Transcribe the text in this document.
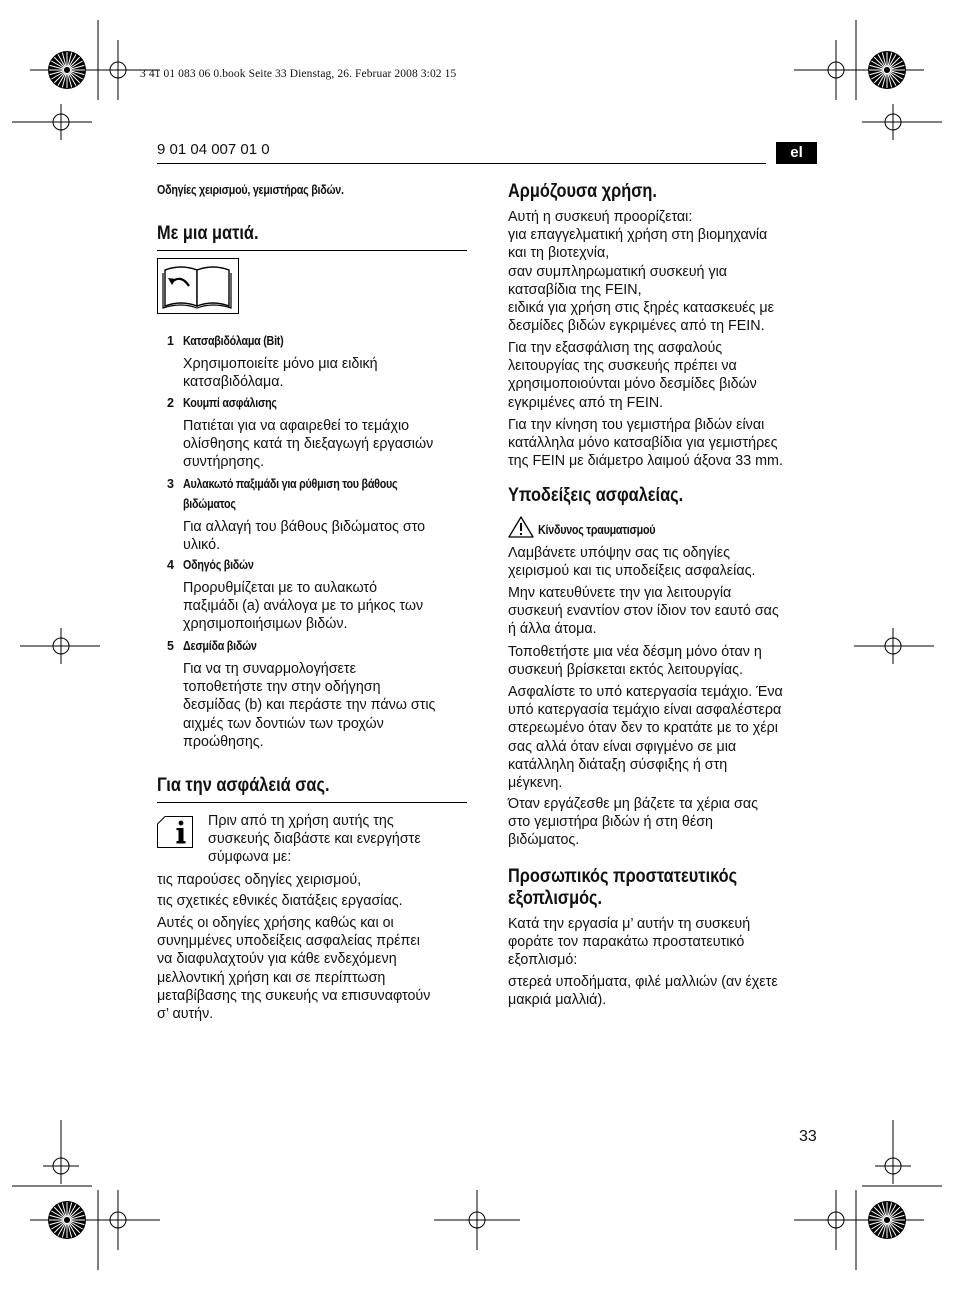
3 41 01 083 06 0.book Seite 33 Dienstag, 26. Februar 2008 3:02 15
9 01 04 007 01 0	el
Οδηγίες χειρισμού, γεμιστήρας βιδών.
Με μια ματιά.
1 Κατσαβιδόλαμα (Bit)
Χρησιμοποιείτε μόνο μια ειδική
κατσαβιδόλαμα.
2 Κουμπί ασφάλισης
Πατιέται για να αφαιρεθεί το τεμάχιο
ολίσθησης κατά τη διεξαγωγή εργασιών
συντήρησης.
3 Αυλακωτό παξιμάδι για ρύθμιση του βάθους
βιδώματος
Για αλλαγή του βάθους βιδώματος στο
υλικό.
4 Οδηγός βιδών
Προρυθμίζεται με το αυλακωτό
παξιμάδι (a) ανάλογα με το μήκος των
χρησιμοποιήσιμων βιδών.
5 Δεσμίδα βιδών
Για να τη συναρμολογήσετε
τοποθετήστε την στην οδήγηση
δεσμίδας (b) και περάστε την πάνω στις
αιχμές των δοντιών των τροχών
προώθησης.
Για την ασφάλειά σας.
Πριν από τη χρήση αυτής της
συσκευής διαβάστε και ενεργήστε
σύμφωνα με:
τις παρούσες οδηγίες χειρισμού,
τις σχετικές εθνικές διατάξεις εργασίας.
Αυτές οι οδηγίες χρήσης καθώς και οι
συνημμένες υποδείξεις ασφαλείας πρέπει
να διαφυλαχτούν για κάθε ενδεχόμενη
μελλοντική χρήση και σε περίπτωση
μεταβίβασης της συκευής να επισυναφτούν
σ’ αυτήν.
Αρμόζουσα χρήση.
Αυτή η συσκευή προορίζεται:
για επαγγελματική χρήση στη βιομηχανία
και τη βιοτεχνία,
σαν συμπληρωματική συσκευή για
κατσαβίδια της FEIN,
ειδικά για χρήση στις ξηρές κατασκευές με
δεσμίδες βιδών εγκριμένες από τη FEIN.
Για την εξασφάλιση της ασφαλούς
λειτουργίας της συσκευής πρέπει να
χρησιμοποιούνται μόνο δεσμίδες βιδών
εγκριμένες από τη FEIN.
Για την κίνηση του γεμιστήρα βιδών είναι
κατάλληλα μόνο κατσαβίδια για γεμιστήρες
της FEIN με διάμετρο λαιμού άξονα 33 mm.
Υποδείξεις ασφαλείας.
Κίνδυνος τραυματισμού
Λαμβάνετε υπόψην σας τις οδηγίες
χειρισμού και τις υποδείξεις ασφαλείας.
Μην κατευθύνετε την για λειτουργία
συσκευή εναντίον στον ίδιον τον εαυτό σας
ή άλλα άτομα.
Τοποθετήστε μια νέα δέσμη μόνο όταν η
συσκευή βρίσκεται εκτός λειτουργίας.
Ασφαλίστε το υπό κατεργασία τεμάχιο. Ένα
υπό κατεργασία τεμάχιο είναι ασφαλέστερα
στερεωμένο όταν δεν το κρατάτε με το χέρι
σας αλλά όταν είναι σφιγμένο σε μια
κατάλληλη διάταξη σύσφιξης ή στη
μέγκενη.
Όταν εργάζεσθε μη βάζετε τα χέρια σας
στο γεμιστήρα βιδών ή στη θέση
βιδώματος.
Προσωπικός προστατευτικός
εξοπλισμός.
Κατά την εργασία μ’ αυτήν τη συσκευή
φοράτε τον παρακάτω προστατευτικό
εξοπλισμό:
στερεά υποδήματα, φιλέ μαλλιών (αν έχετε
μακριά μαλλιά).
33
